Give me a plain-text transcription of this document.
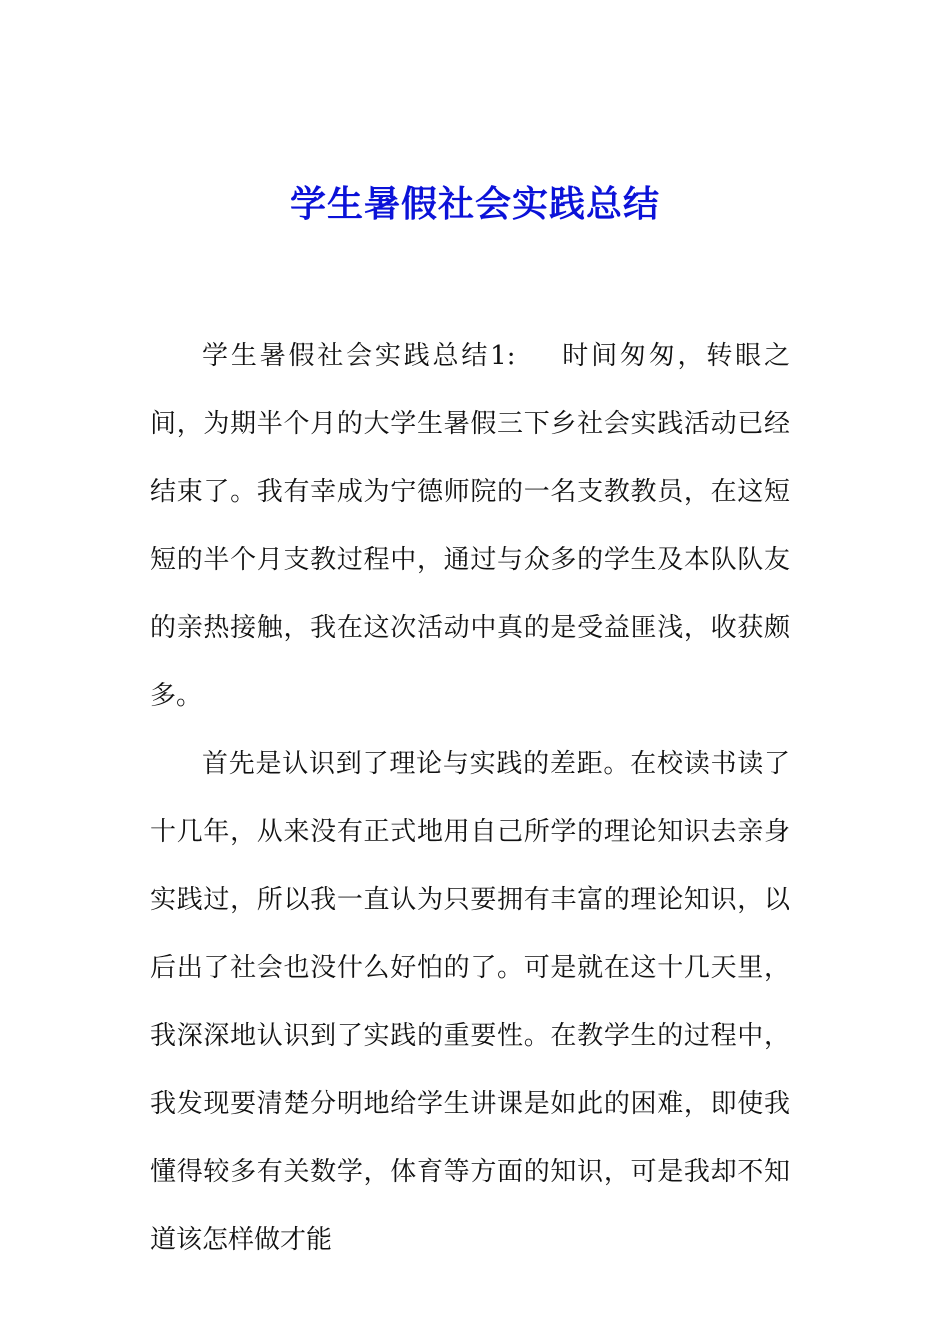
学生暑假社会实践总结

学生暑假社会实践总结1: 时间匆匆，转眼之间，为期半个月的大学生暑假三下乡社会实践活动已经结束了。我有幸成为宁德师院的一名支教教员，在这短短的半个月支教过程中，通过与众多的学生及本队队友的亲热接触，我在这次活动中真的是受益匪浅，收获颇多。

首先是认识到了理论与实践的差距。在校读书读了十几年，从来没有正式地用自己所学的理论知识去亲身实践过，所以我一直认为只要拥有丰富的理论知识，以后出了社会也没什么好怕的了。可是就在这十几天里，我深深地认识到了实践的重要性。在教学生的过程中，我发现要清楚分明地给学生讲课是如此的困难，即使我懂得较多有关数学，体育等方面的知识，可是我却不知道该怎样做才能
